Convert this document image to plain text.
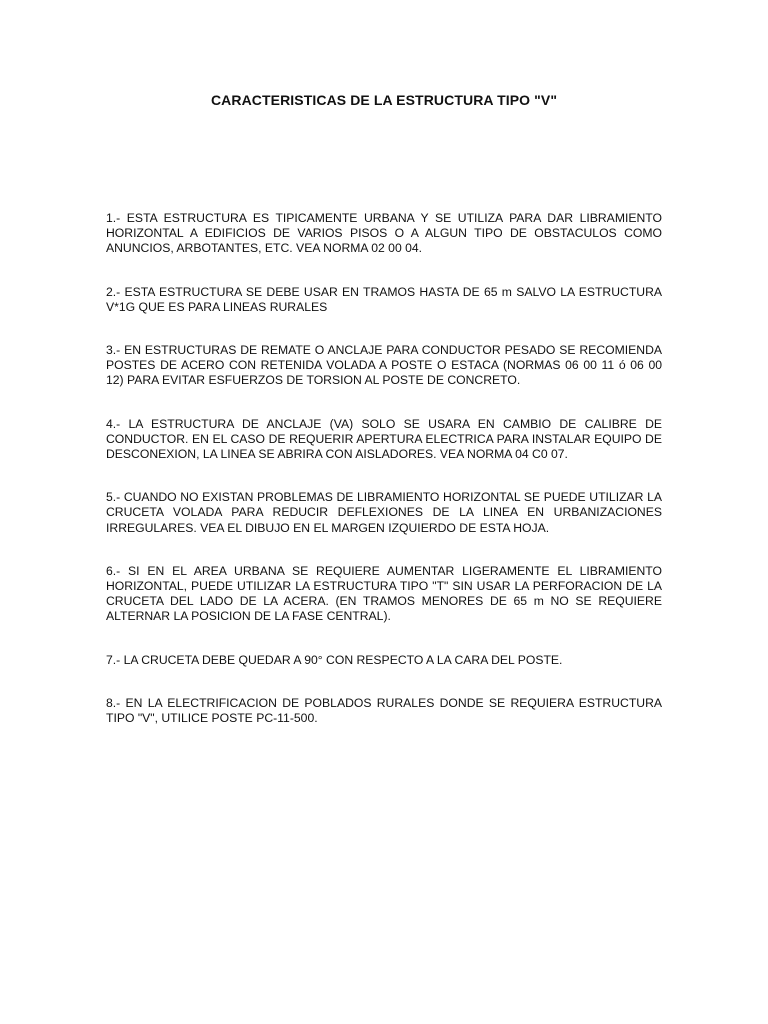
CARACTERISTICAS DE LA ESTRUCTURA TIPO "V"
1.- ESTA ESTRUCTURA ES TIPICAMENTE URBANA Y SE UTILIZA PARA DAR LIBRAMIENTO HORIZONTAL A EDIFICIOS DE VARIOS PISOS O A ALGUN TIPO DE OBSTACULOS COMO ANUNCIOS, ARBOTANTES, ETC. VEA NORMA 02 00 04.
2.- ESTA ESTRUCTURA SE DEBE USAR EN TRAMOS HASTA DE 65 m SALVO LA ESTRUCTURA V*1G QUE ES PARA LINEAS RURALES
3.- EN ESTRUCTURAS DE REMATE O ANCLAJE PARA CONDUCTOR PESADO SE RECOMIENDA POSTES DE ACERO CON RETENIDA VOLADA A POSTE O ESTACA (NORMAS 06 00 11 ó 06 00 12) PARA EVITAR ESFUERZOS DE TORSION AL POSTE DE CONCRETO.
4.- LA ESTRUCTURA DE ANCLAJE (VA) SOLO SE USARA EN CAMBIO DE CALIBRE DE CONDUCTOR. EN EL CASO DE REQUERIR APERTURA ELECTRICA PARA INSTALAR EQUIPO DE DESCONEXION, LA LINEA SE ABRIRA CON AISLADORES. VEA NORMA 04 C0 07.
5.- CUANDO NO EXISTAN PROBLEMAS DE LIBRAMIENTO HORIZONTAL SE PUEDE UTILIZAR LA CRUCETA VOLADA PARA REDUCIR DEFLEXIONES DE LA LINEA EN URBANIZACIONES IRREGULARES. VEA EL DIBUJO EN EL MARGEN IZQUIERDO DE ESTA HOJA.
6.- SI EN EL AREA URBANA SE REQUIERE AUMENTAR LIGERAMENTE EL LIBRAMIENTO HORIZONTAL, PUEDE UTILIZAR LA ESTRUCTURA TIPO "T" SIN USAR LA PERFORACION DE LA CRUCETA DEL LADO DE LA ACERA. (EN TRAMOS MENORES DE 65 m NO SE REQUIERE ALTERNAR LA POSICION DE LA FASE CENTRAL).
7.- LA CRUCETA DEBE QUEDAR A 90° CON RESPECTO A LA CARA DEL POSTE.
8.- EN LA ELECTRIFICACION DE POBLADOS RURALES DONDE SE REQUIERA ESTRUCTURA TIPO "V", UTILICE POSTE PC-11-500.
